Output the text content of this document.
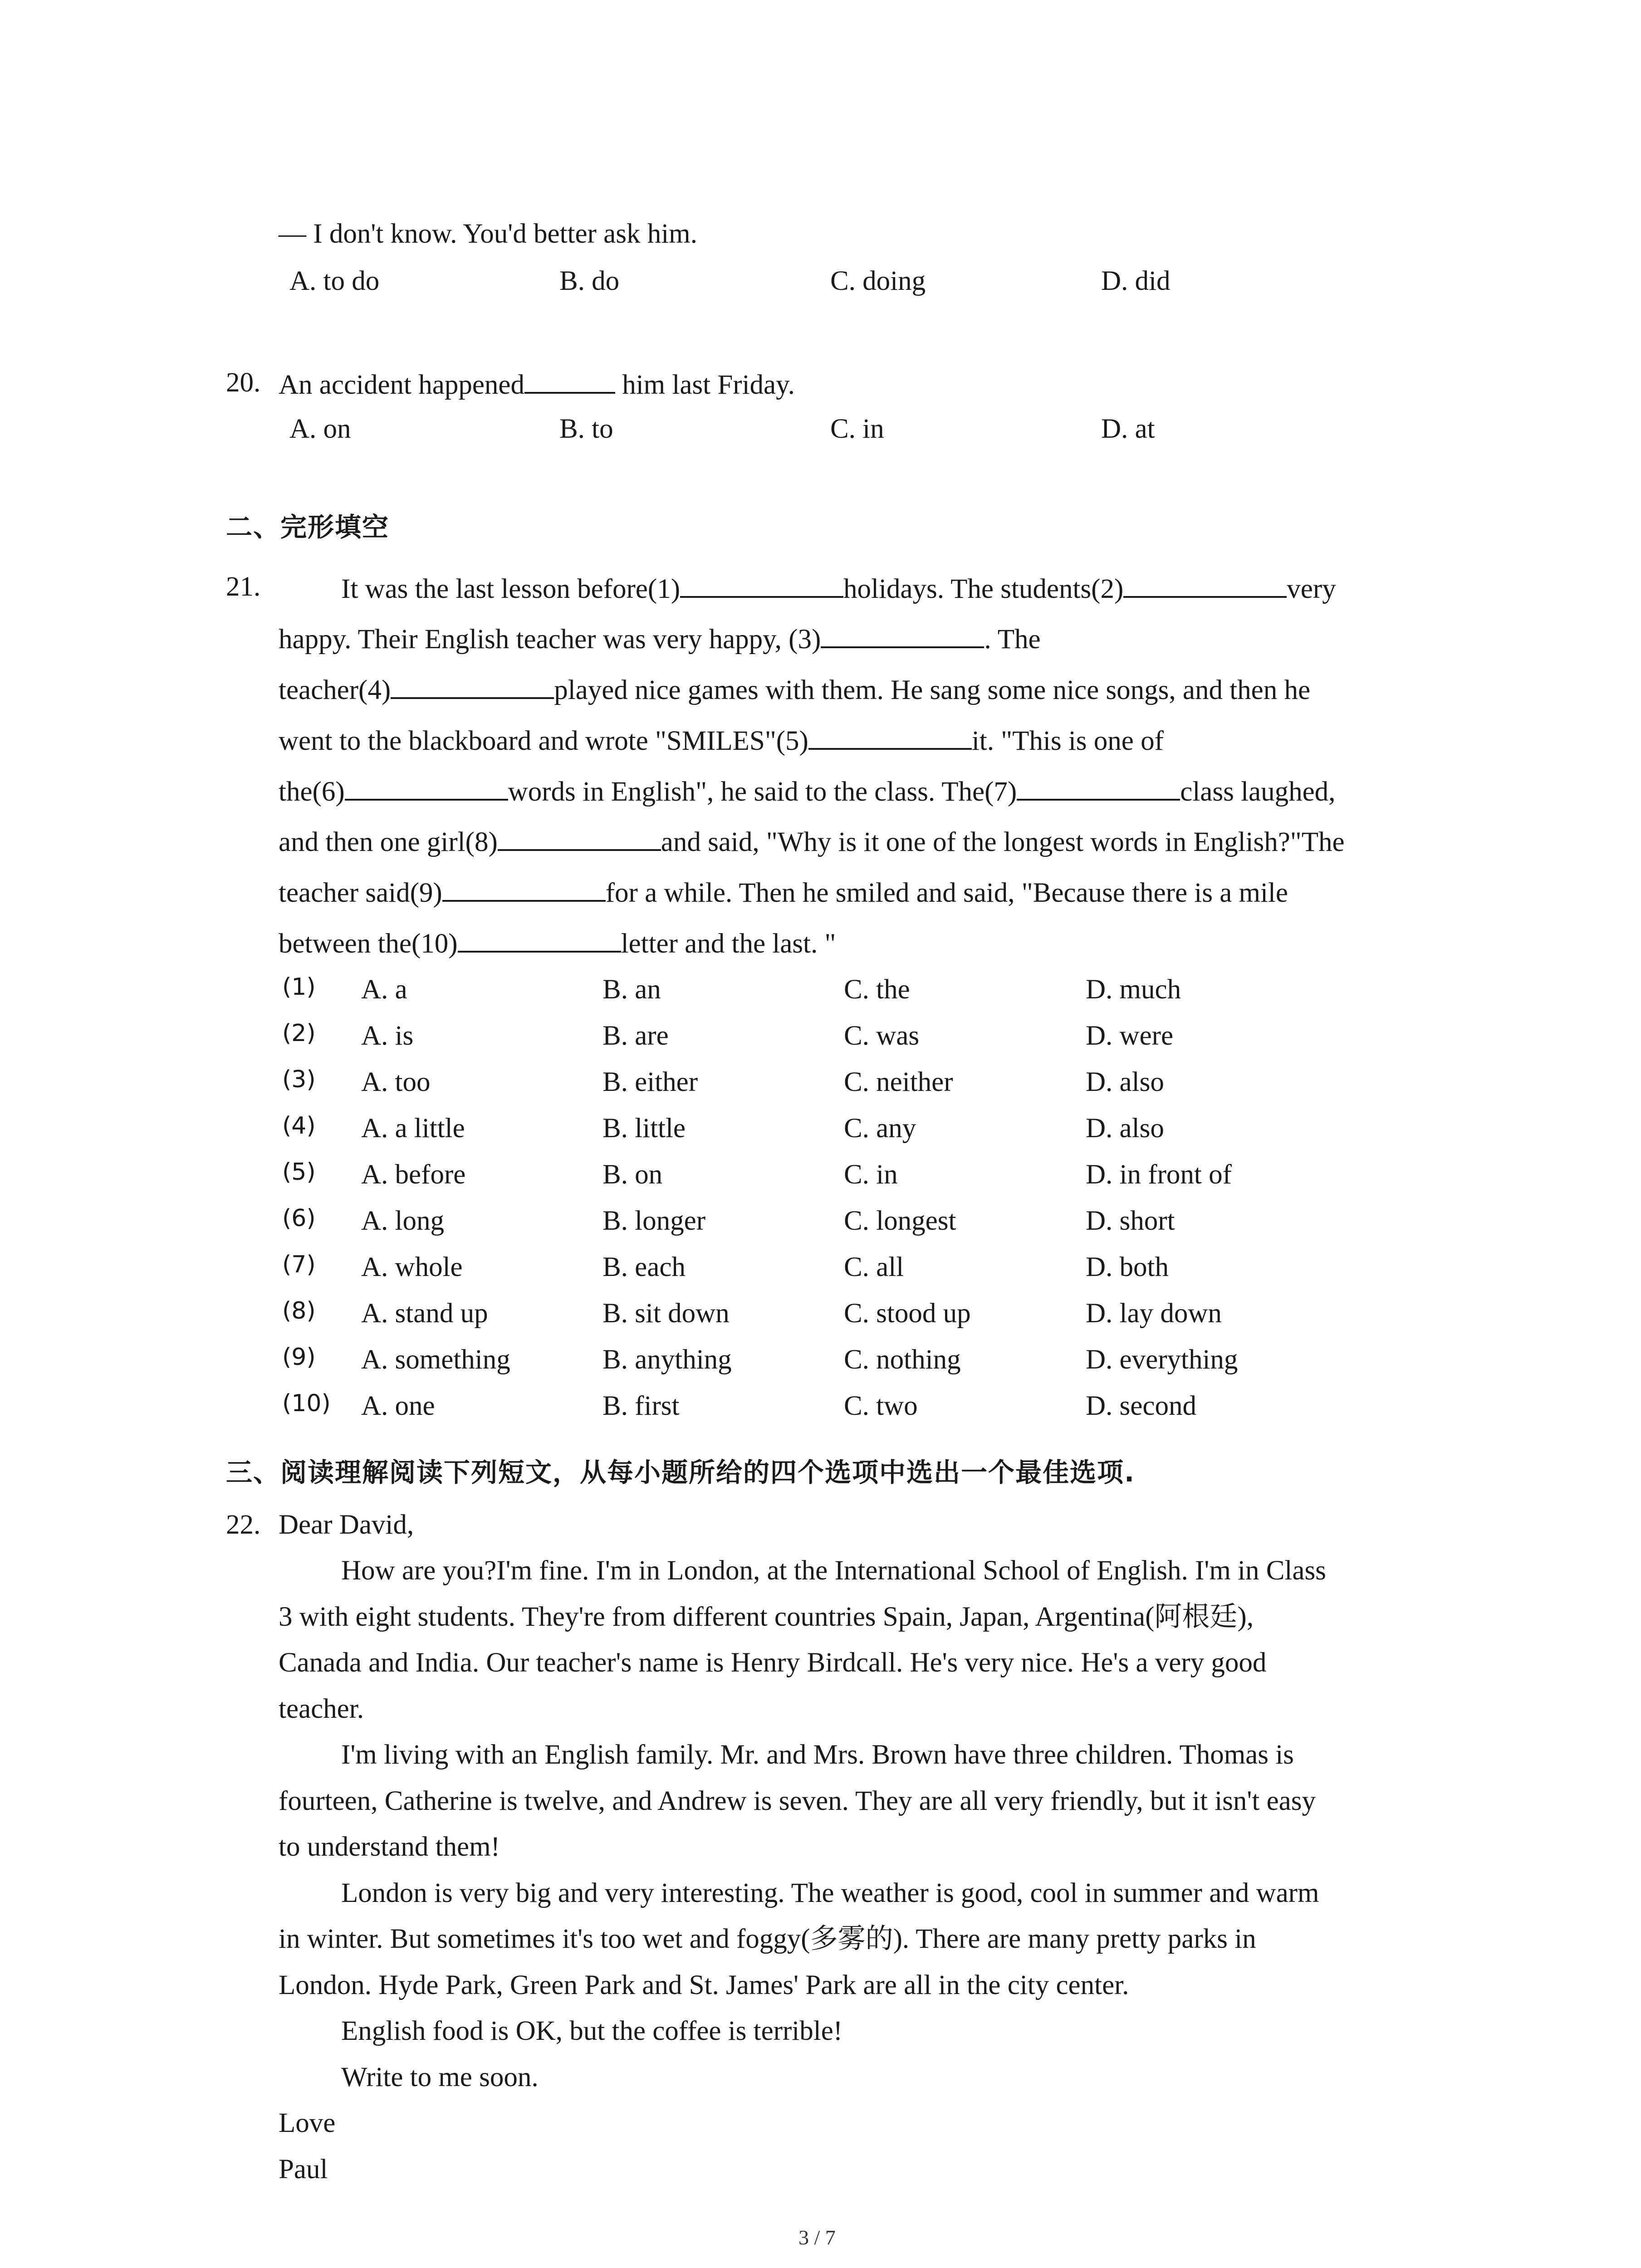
— I don't know. You'd better ask him.
A. to do	B. do	C. doing	D. did
20. An accident happened	him last Friday.
A. on	B. to	C. in	D. at
二、完形填空
21.	It was the last lesson before(1)	holidays. The students(2)	very
happy. Their English teacher was very happy, (3)	. The
teacher(4)	played nice games with them. He sang some nice songs, and then he
went to the blackboard and wrote "SMILES"(5)	it. "This is one of
the(6)	words in English", he said to the class. The(7)	class laughed,
and then one girl(8)	and said, "Why is it one of the longest words in English?"The
teacher said(9)	for a while. Then he smiled and said, "Because there is a mile
between the(10)	letter and the last. "
(1) A. a	B. an	C. the	D. much
(2) A. is	B. are	C. was	D. were
(3) A. too	B. either	C. neither	D. also
(4) A. a little	B. little	C. any	D. also
(5) A. before	B. on	C. in	D. in front of
(6) A. long	B. longer	C. longest	D. short
(7) A. whole	B. each	C. all	D. both
(8) A. stand up	B. sit down	C. stood up	D. lay down
(9) A. something	B. anything	C. nothing	D. everything
(10) A. one	B. first	C. two	D. second
三、阅读理解阅读下列短文，从每小题所给的四个选项中选出一个最佳选项.
22. Dear David,
How are you?I'm fine. I'm in London, at the International School of English. I'm in Class
3 with eight students. They're from different countries Spain, Japan, Argentina(阿根廷),
Canada and India. Our teacher's name is Henry Birdcall. He's very nice. He's a very good
teacher.
I'm living with an English family. Mr. and Mrs. Brown have three children. Thomas is
fourteen, Catherine is twelve, and Andrew is seven. They are all very friendly, but it isn't easy
to understand them!
London is very big and very interesting. The weather is good, cool in summer and warm
in winter. But sometimes it's too wet and foggy(多雾的). There are many pretty parks in
London. Hyde Park, Green Park and St. James' Park are all in the city center.
English food is OK, but the coffee is terrible!
Write to me soon.
Love
Paul
3 / 7
